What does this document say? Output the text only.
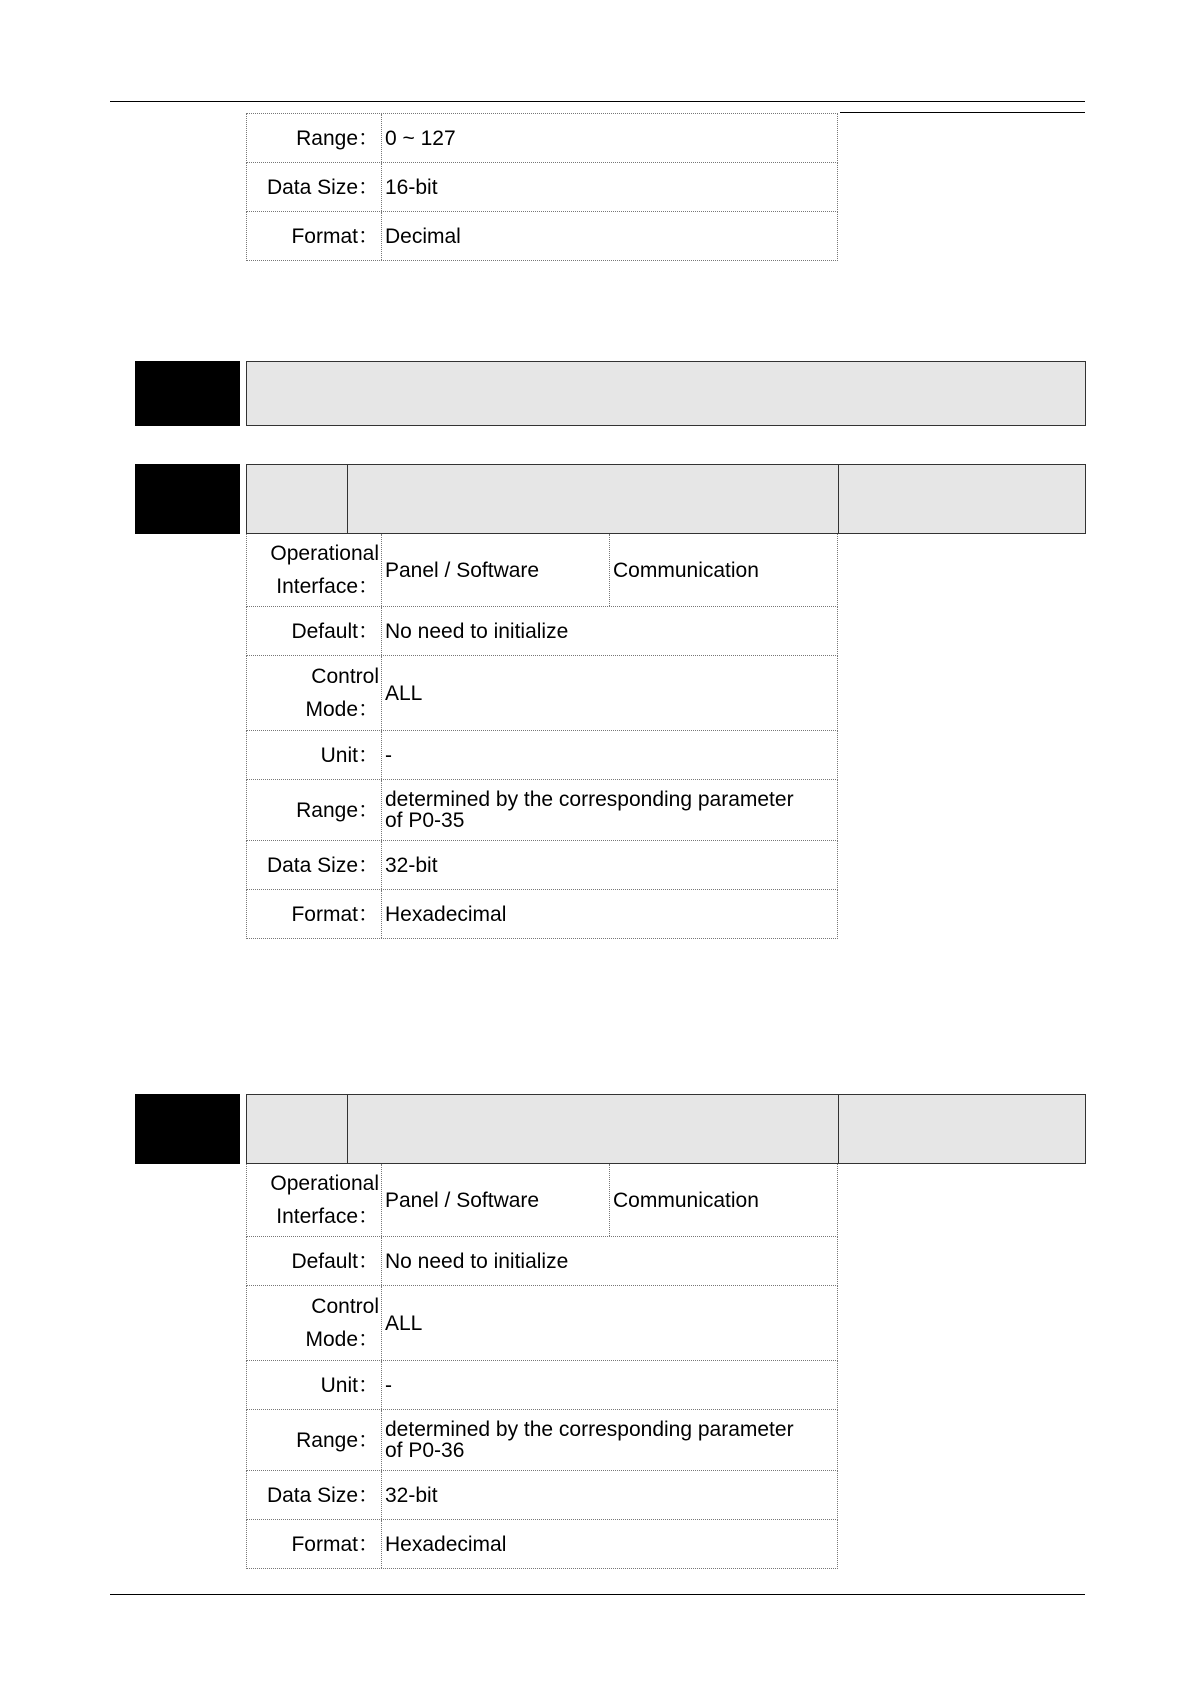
Range： 0 ~ 127
Data Size： 16-bit
Format： Decimal
Operational
Interface：
Panel / Software	Communication
Default： No need to initialize
Control
Mode：
ALL
Unit： -
Range： determined by the corresponding parameter
of P0-35
Data Size： 32-bit
Format： Hexadecimal
Operational
Interface：
Panel / Software	Communication
Default： No need to initialize
Control
Mode：
ALL
Unit： -
Range： determined by the corresponding parameter
of P0-36
Data Size： 32-bit
Format： Hexadecimal
